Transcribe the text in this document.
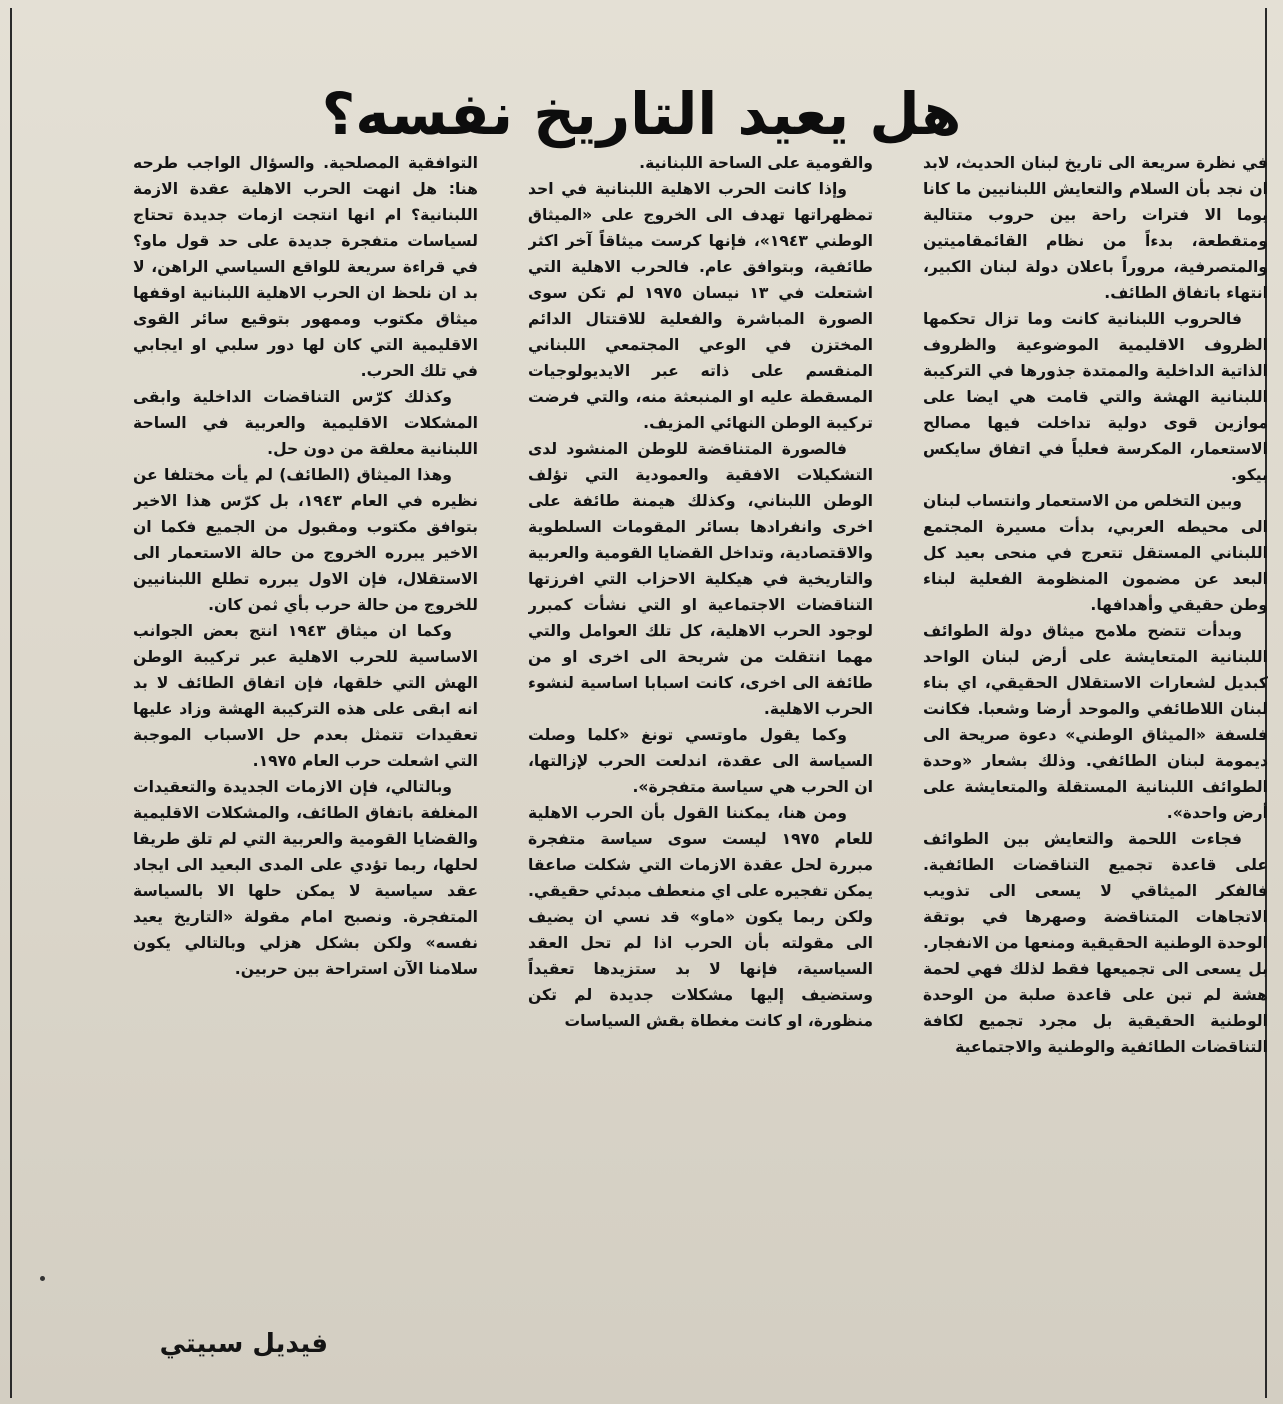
هل يعيد التاريخ نفسه؟

في نظرة سريعة الى تاريخ لبنان الحديث، لابد ان نجد بأن السلام والتعايش اللبنانيين ما كانا يوما الا فترات راحة بين حروب متتالية ومتقطعة، بدءاً من نظام القائمقاميتين والمتصرفية، مروراً باعلان دولة لبنان الكبير، انتهاء باتفاق الطائف.

فالحروب اللبنانية كانت وما تزال تحكمها الظروف الاقليمية الموضوعية والظروف الذاتية الداخلية والممتدة جذورها في التركيبة اللبنانية الهشة والتي قامت هي ايضا على موازين قوى دولية تداخلت فيها مصالح الاستعمار، المكرسة فعلياً في اتفاق سايكس بيكو.

وبين التخلص من الاستعمار وانتساب لبنان الى محيطه العربي، بدأت مسيرة المجتمع اللبناني المستقل تتعرج في منحى بعيد كل البعد عن مضمون المنظومة الفعلية لبناء وطن حقيقي وأهدافها.

وبدأت تتضح ملامح ميثاق دولة الطوائف اللبنانية المتعايشة على أرض لبنان الواحد كبديل لشعارات الاستقلال الحقيقي، اي بناء لبنان اللاطائفي والموحد أرضا وشعبا. فكانت فلسفة «الميثاق الوطني» دعوة صريحة الى ديمومة لبنان الطائفي. وذلك بشعار «وحدة الطوائف اللبنانية المستقلة والمتعايشة على أرض واحدة».

فجاءت اللحمة والتعايش بين الطوائف على قاعدة تجميع التناقضات الطائفية. فالفكر الميثاقي لا يسعى الى تذويب الاتجاهات المتناقضة وصهرها في بوتقة الوحدة الوطنية الحقيقية ومنعها من الانفجار. بل يسعى الى تجميعها فقط لذلك فهي لحمة هشة لم تبن على قاعدة صلبة من الوحدة الوطنية الحقيقية بل مجرد تجميع لكافة التناقضات الطائفية والوطنية والاجتماعية

والقومية على الساحة اللبنانية.

وإذا كانت الحرب الاهلية اللبنانية في احد تمظهراتها تهدف الى الخروج على «الميثاق الوطني ١٩٤٣»، فإنها كرست ميثاقاً آخر اكثر طائفية، وبتوافق عام. فالحرب الاهلية التي اشتعلت في ١٣ نيسان ١٩٧٥ لم تكن سوى الصورة المباشرة والفعلية للاقتتال الدائم المختزن في الوعي المجتمعي اللبناني المنقسم على ذاته عبر الايديولوجيات المسقطة عليه او المنبعثة منه، والتي فرضت تركيبة الوطن النهائي المزيف.

فالصورة المتناقضة للوطن المنشود لدى التشكيلات الافقية والعمودية التي تؤلف الوطن اللبناني، وكذلك هيمنة طائفة على اخرى وانفرادها بسائر المقومات السلطوية والاقتصادية، وتداخل القضايا القومية والعربية والتاريخية في هيكلية الاحزاب التي افرزتها التناقضات الاجتماعية او التي نشأت كمبرر لوجود الحرب الاهلية، كل تلك العوامل والتي مهما انتقلت من شريحة الى اخرى او من طائفة الى اخرى، كانت اسبابا اساسية لنشوء الحرب الاهلية.

وكما يقول ماوتسي تونغ «كلما وصلت السياسة الى عقدة، اندلعت الحرب لإزالتها، ان الحرب هي سياسة متفجرة».

ومن هنا، يمكننا القول بأن الحرب الاهلية للعام ١٩٧٥ ليست سوى سياسة متفجرة مبررة لحل عقدة الازمات التي شكلت صاعقا يمكن تفجيره على اي منعطف مبدئي حقيقي. ولكن ربما يكون «ماو» قد نسي ان يضيف الى مقولته بأن الحرب اذا لم تحل العقد السياسية، فإنها لا بد ستزيدها تعقيداً وستضيف إليها مشكلات جديدة لم تكن منظورة، او كانت مغطاة بقش السياسات

التوافقية المصلحية. والسؤال الواجب طرحه هنا: هل انهت الحرب الاهلية عقدة الازمة اللبنانية؟ ام انها انتجت ازمات جديدة تحتاج لسياسات متفجرة جديدة على حد قول ماو؟ في قراءة سريعة للواقع السياسي الراهن، لا بد ان نلحظ ان الحرب الاهلية اللبنانية اوقفها ميثاق مكتوب وممهور بتوقيع سائر القوى الاقليمية التي كان لها دور سلبي او ايجابي في تلك الحرب.

وكذلك كرّس التناقضات الداخلية وابقى المشكلات الاقليمية والعربية في الساحة اللبنانية معلقة من دون حل.

وهذا الميثاق (الطائف) لم يأت مختلفا عن نظيره في العام ١٩٤٣، بل كرّس هذا الاخير بتوافق مكتوب ومقبول من الجميع فكما ان الاخير يبرره الخروج من حالة الاستعمار الى الاستقلال، فإن الاول يبرره تطلع اللبنانيين للخروج من حالة حرب بأي ثمن كان.

وكما ان ميثاق ١٩٤٣ انتج بعض الجوانب الاساسية للحرب الاهلية عبر تركيبة الوطن الهش التي خلقها، فإن اتفاق الطائف لا بد انه ابقى على هذه التركيبة الهشة وزاد عليها تعقيدات تتمثل بعدم حل الاسباب الموجبة التي اشعلت حرب العام ١٩٧٥.

وبالتالي، فإن الازمات الجديدة والتعقيدات المغلفة باتفاق الطائف، والمشكلات الاقليمية والقضايا القومية والعربية التي لم تلق طريقا لحلها، ربما تؤدي على المدى البعيد الى ايجاد عقد سياسية لا يمكن حلها الا بالسياسة المتفجرة. ونصبح امام مقولة «التاريخ يعيد نفسه» ولكن بشكل هزلي وبالتالي يكون سلامنا الآن استراحة بين حربين.

فيديل سبيتي
